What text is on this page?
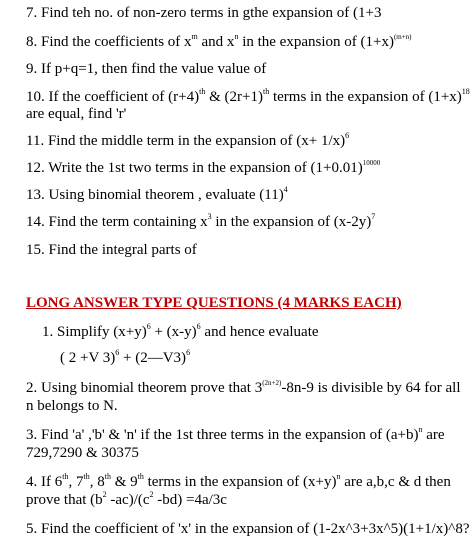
7. Find teh no. of non-zero terms in gthe expansion of (1+3
8. Find the coefficients of $x^m$ and $x^n$ in the expansion of $(1+x)^{(m+n)}$
9. If p+q=1, then find the value value of
10. If the coefficient of $(r+4)^{th}$ & $(2r+1)^{th}$ terms in the expansion of $(1+x)^{18}$
are equal, find 'r'
11. Find the middle term in the expansion of $(x+ 1/x)^6$
12. Write the 1st two terms in the expansion of $(1+0.01)^{10000}$
13. Using binomial theorem , evaluate $(11)^4$
14. Find the term containing $x^3$ in the expansion of $(x-2y)^7$
15. Find the integral parts of
LONG ANSWER TYPE QUESTIONS (4 MARKS EACH)
1. Simplify $(x+y)^6 + (x-y)^6$ and hence evaluate
( 2 +V 3)$^6$ + (2—V3)$^6$
2. Using binomial theorem prove that $3^{(2n+2)}-8n-9$ is divisible by 64 for all
n belongs to N.
3. Find 'a' ,'b' & 'n' if the 1st three terms in the expansion of $(a+b)^n$ are
729,7290 & 30375
4. If 6th, 7th, 8th & 9th terms in the expansion of $(x+y)^n$ are a,b,c & d then
prove that ($b^2$ $-ac)/(c^2$ -bd) =4a/3c
5. Find the coefficient of 'x' in the expansion of (1-2x^3+3x^5)(1+1/x)^8?
